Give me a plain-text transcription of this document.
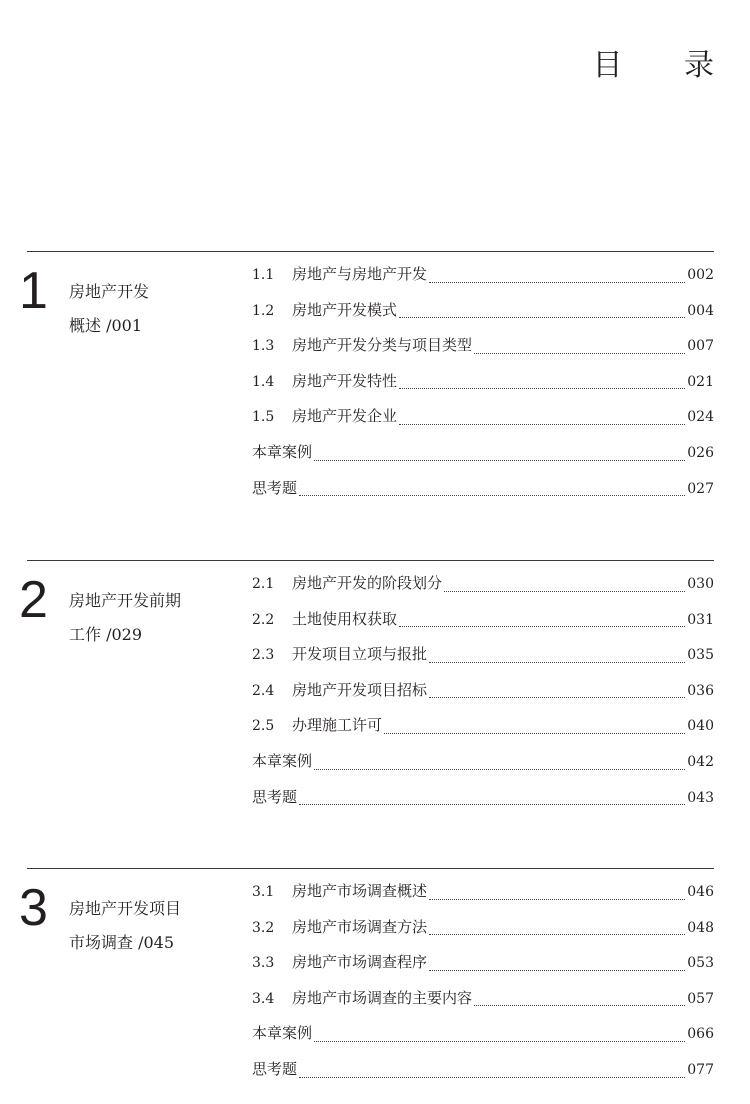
目 录
1 房地产开发
概述 /001
1.1	房地产与房地产开发	002
1.2	房地产开发模式	004
1.3	房地产开发分类与项目类型	007
1.4	房地产开发特性	021
1.5	房地产开发企业	024
本章案例	026
思考题	027
2 房地产开发前期
工作 /029
2.1	房地产开发的阶段划分	030
2.2	土地使用权获取	031
2.3	开发项目立项与报批	035
2.4	房地产开发项目招标	036
2.5	办理施工许可	040
本章案例	042
思考题	043
3 房地产开发项目
市场调查 /045
3.1	房地产市场调查概述	046
3.2	房地产市场调查方法	048
3.3	房地产市场调查程序	053
3.4	房地产市场调查的主要内容	057
本章案例	066
思考题	077
